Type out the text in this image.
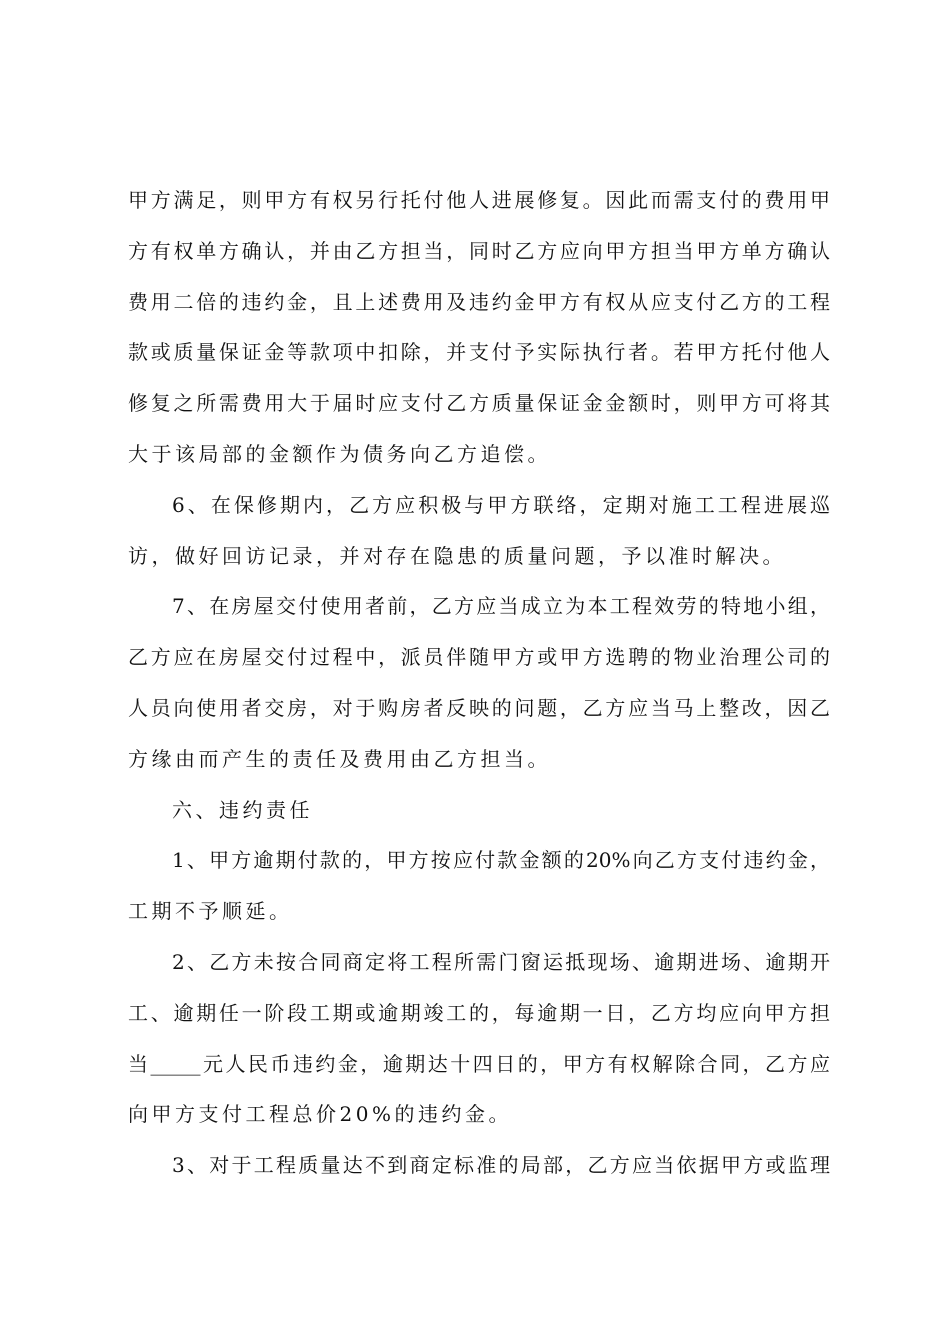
甲方满足，则甲方有权另行托付他人进展修复。因此而需支付的费用甲
方有权单方确认，并由乙方担当，同时乙方应向甲方担当甲方单方确认
费用二倍的违约金，且上述费用及违约金甲方有权从应支付乙方的工程
款或质量保证金等款项中扣除，并支付予实际执行者。若甲方托付他人
修复之所需费用大于届时应支付乙方质量保证金金额时，则甲方可将其
大于该局部的金额作为债务向乙方追偿。
6、在保修期内，乙方应积极与甲方联络，定期对施工工程进展巡
访，做好回访记录，并对存在隐患的质量问题，予以准时解决。
7、在房屋交付使用者前，乙方应当成立为本工程效劳的特地小组，
乙方应在房屋交付过程中，派员伴随甲方或甲方选聘的物业治理公司的
人员向使用者交房，对于购房者反映的问题，乙方应当马上整改，因乙
方缘由而产生的责任及费用由乙方担当。
六、违约责任
1、甲方逾期付款的，甲方按应付款金额的20%向乙方支付违约金，
工期不予顺延。
2、乙方未按合同商定将工程所需门窗运抵现场、逾期进场、逾期开
工、逾期任一阶段工期或逾期竣工的，每逾期一日，乙方均应向甲方担
当_____元人民币违约金，逾期达十四日的，甲方有权解除合同，乙方应
向甲方支付工程总价20%的违约金。
3、对于工程质量达不到商定标准的局部，乙方应当依据甲方或监理
